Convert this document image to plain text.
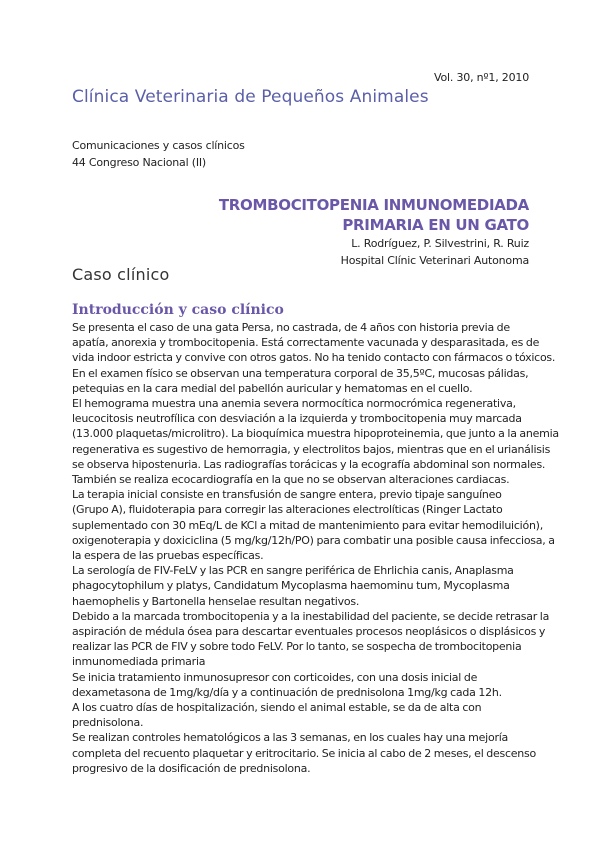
Vol. 30, nº1, 2010
Clínica Veterinaria de Pequeños Animales
Comunicaciones y casos clínicos
44 Congreso Nacional (II)
TROMBOCITOPENIA INMUNOMEDIADA
PRIMARIA EN UN GATO
L. Rodríguez, P. Silvestrini, R. Ruiz
Hospital Clínic Veterinari Autonoma
Caso clínico
Introducción y caso clínico

Se presenta el caso de una gata Persa, no castrada, de 4 años con historia previa de

apatía, anorexia y trombocitopenia. Está correctamente vacunada y desparasitada, es de

vida indoor estricta y convive con otros gatos. No ha tenido contacto con fármacos o tóxicos.

En el examen físico se observan una temperatura corporal de 35,5ºC, mucosas pálidas,

petequias en la cara medial del pabellón auricular y hematomas en el cuello.

El hemograma muestra una anemia severa normocítica normocrómica regenerativa,

leucocitosis neutrofílica con desviación a la izquierda y trombocitopenia muy marcada

(13.000 plaquetas/microlitro). La bioquímica muestra hipoproteinemia, que junto a la anemia

regenerativa es sugestivo de hemorragia, y electrolitos bajos, mientras que en el urianálisis

se observa hipostenuria. Las radiografías torácicas y la ecografía abdominal son normales.

También se realiza ecocardiografía en la que no se observan alteraciones cardiacas.

La terapia inicial consiste en transfusión de sangre entera, previo tipaje sanguíneo

(Grupo A), fluidoterapia para corregir las alteraciones electrolíticas (Ringer Lactato

suplementado con 30 mEq/L de KCl a mitad de mantenimiento para evitar hemodiluición),

oxigenoterapia y doxiciclina (5 mg/kg/12h/PO) para combatir una posible causa infecciosa, a

la espera de las pruebas específicas.

La serología de FIV-FeLV y las PCR en sangre periférica de Ehrlichia canis, Anaplasma

phagocytophilum y platys, Candidatum Mycoplasma haemominu tum, Mycoplasma

haemophelis y Bartonella henselae resultan negativos.

Debido a la marcada trombocitopenia y a la inestabilidad del paciente, se decide retrasar la

aspiración de médula ósea para descartar eventuales procesos neoplásicos o displásicos y

realizar las PCR de FIV y sobre todo FeLV. Por lo tanto, se sospecha de trombocitopenia

inmunomediada primaria

Se inicia tratamiento inmunosupresor con corticoides, con una dosis inicial de

dexametasona de 1mg/kg/día y a continuación de prednisolona 1mg/kg cada 12h.

A los cuatro días de hospitalización, siendo el animal estable, se da de alta con

prednisolona.

Se realizan controles hematológicos a las 3 semanas, en los cuales hay una mejoría

completa del recuento plaquetar y eritrocitario. Se inicia al cabo de 2 meses, el descenso

progresivo de la dosificación de prednisolona.
